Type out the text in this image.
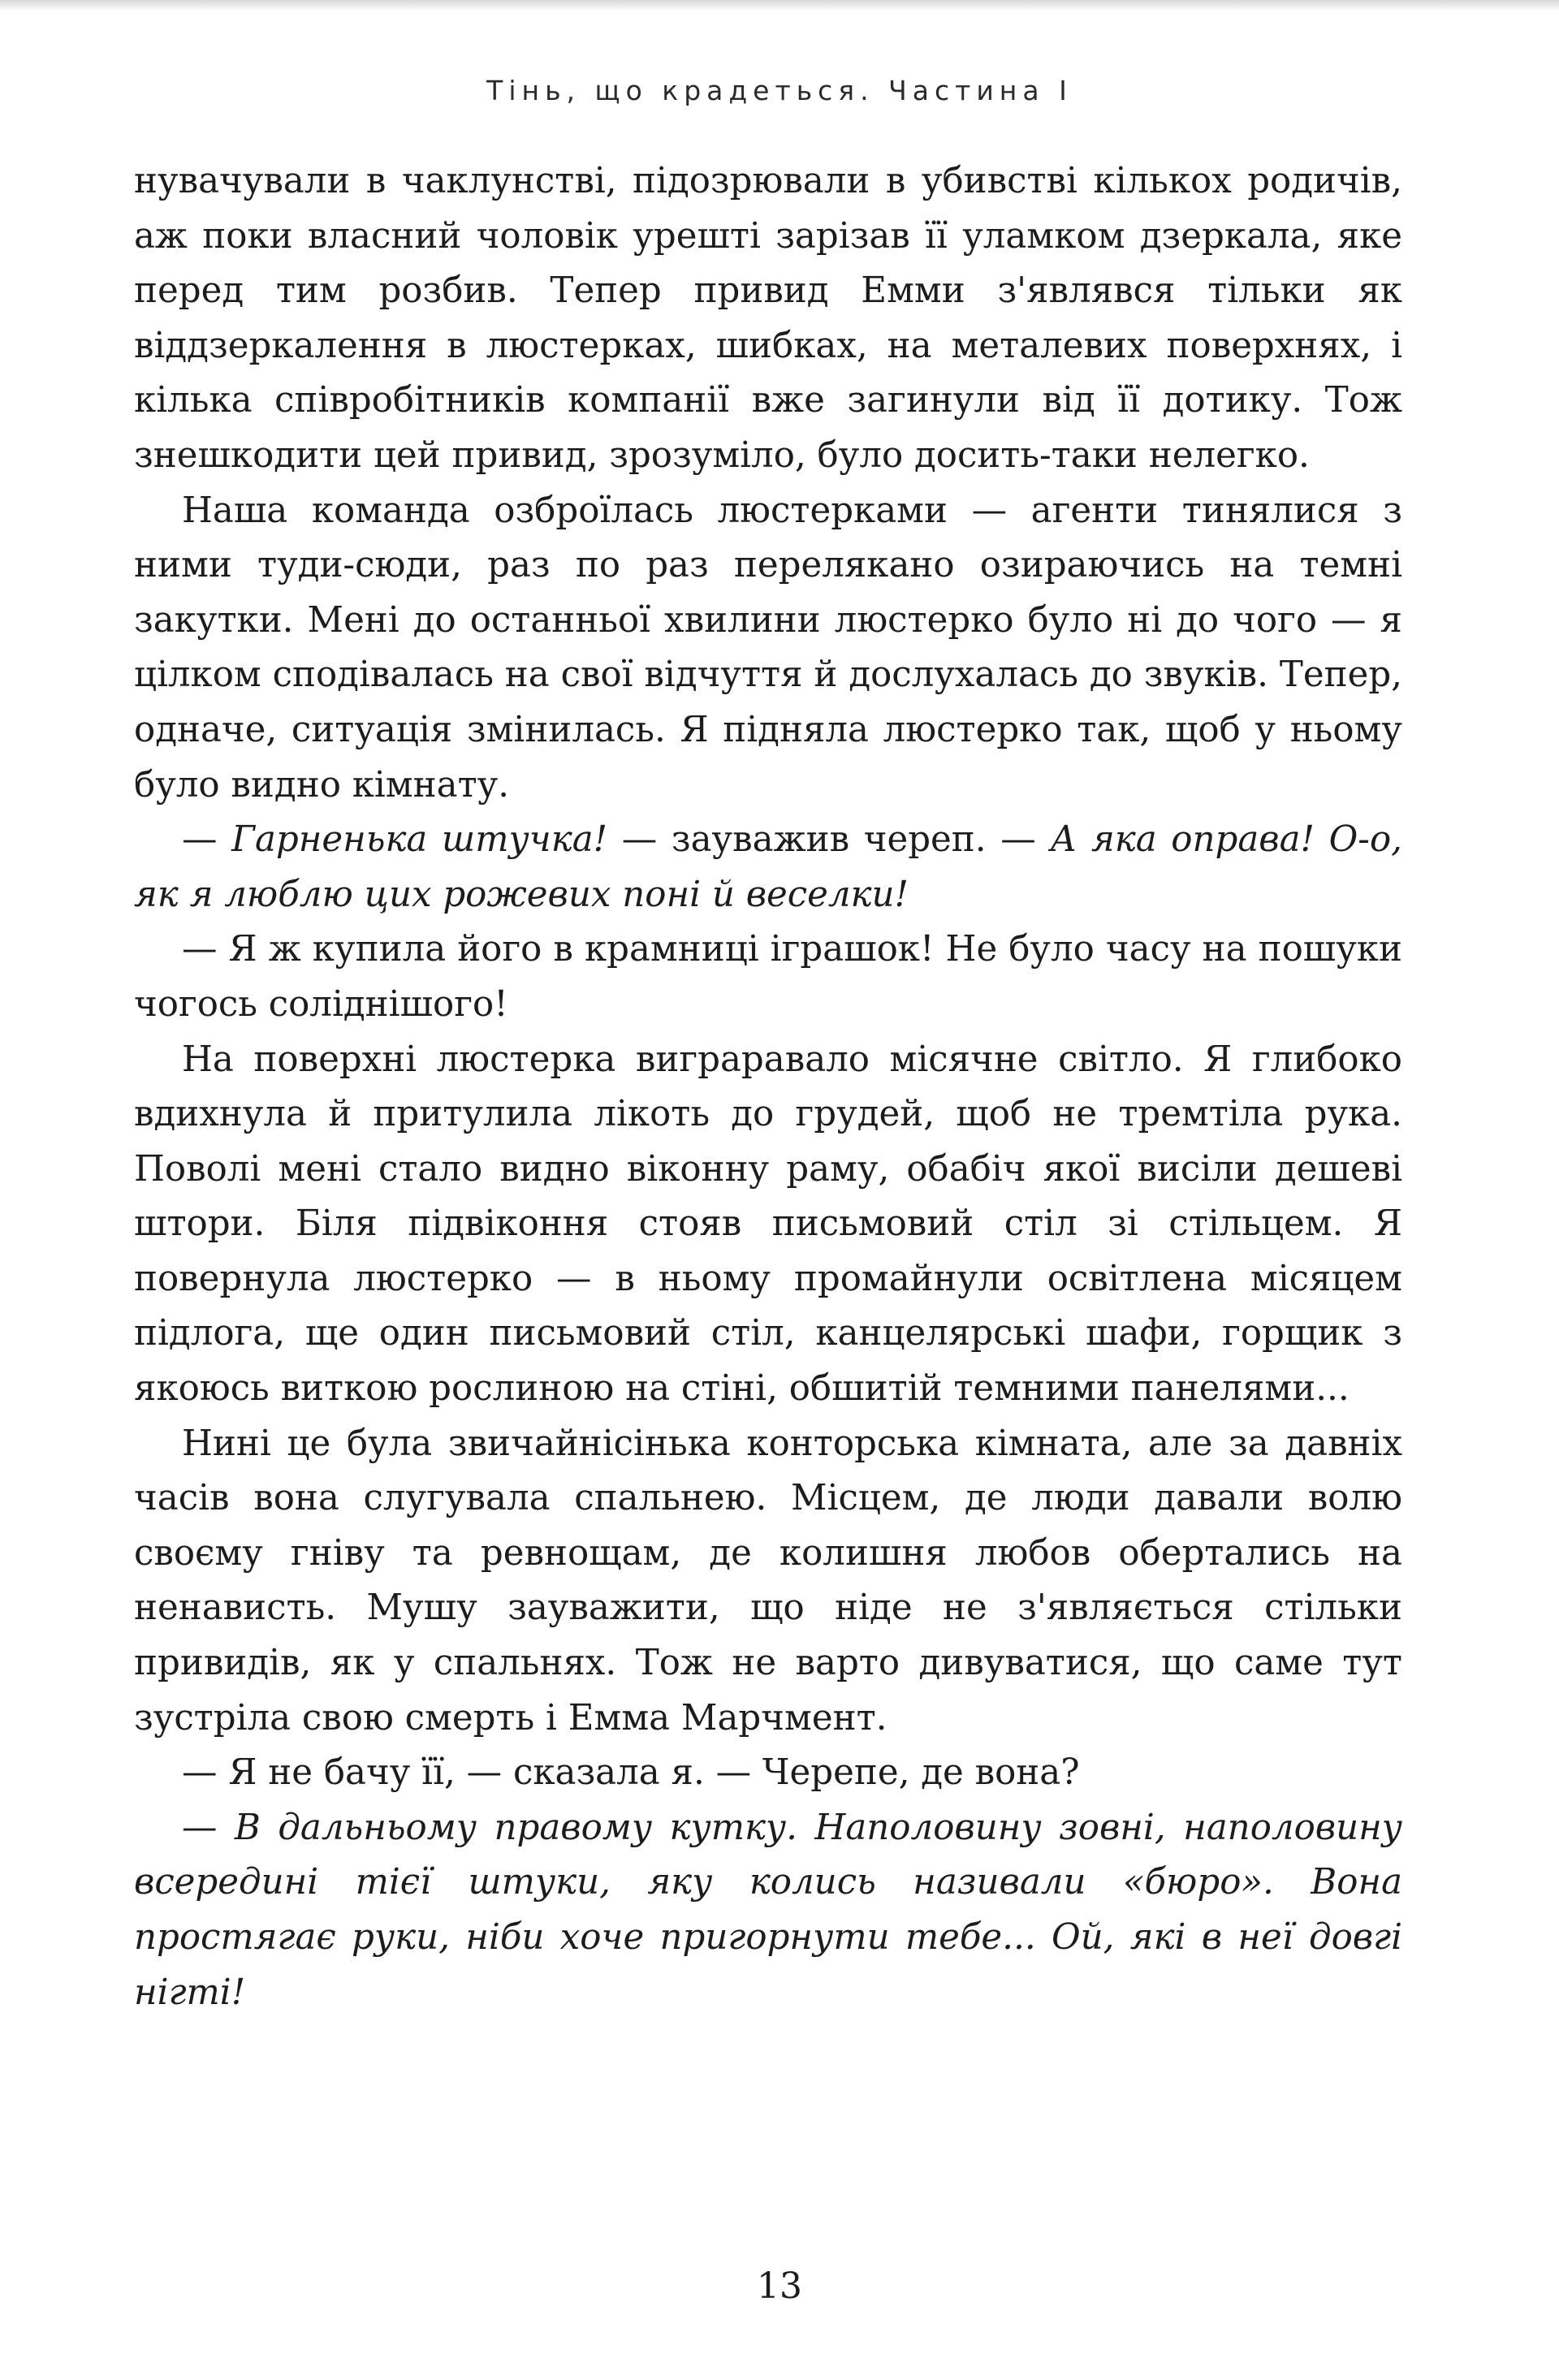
Тінь, що крадеться. Частина І

нувачували в чаклунстві, підозрювали в убивстві кількох родичів, аж поки власний чоловік урешті зарізав її уламком дзеркала, яке перед тим розбив. Тепер привид Емми з'являвся тільки як віддзеркалення в люстерках, шибках, на металевих поверхнях, і кілька співробітників компанії вже загинули від її дотику. Тож знешкодити цей привид, зрозуміло, було досить-таки нелегко.

Наша команда озброїлась люстерками — агенти тинялися з ними туди-сюди, раз по раз перелякано озираючись на темні закутки. Мені до останньої хвилини люстерко було ні до чого — я цілком сподівалась на свої відчуття й дослухалась до звуків. Тепер, одначе, ситуація змінилась. Я підняла люстерко так, щоб у ньому було видно кімнату.

— Гарненька штучка! — зауважив череп. — А яка оправа! О-о, як я люблю цих рожевих поні й веселки!

— Я ж купила його в крамниці іграшок! Не було часу на пошуки чогось соліднішого!

На поверхні люстерка виграравало місячне світло. Я глибоко вдихнула й притулила лікоть до грудей, щоб не тремтіла рука. Поволі мені стало видно віконну раму, обабіч якої висіли дешеві штори. Біля підвіконня стояв письмовий стіл зі стільцем. Я повернула люстерко — в ньому промайнули освітлена місяцем підлога, ще один письмовий стіл, канцелярські шафи, горщик з якоюсь виткою рослиною на стіні, обшитій темними панелями...

Нині це була звичайнісінька конторська кімната, але за давніх часів вона слугувала спальнею. Місцем, де люди давали волю своєму гніву та ревнощам, де колишня любов обертались на ненависть. Мушу зауважити, що ніде не з'являється стільки привидів, як у спальнях. Тож не варто дивуватися, що саме тут зустріла свою смерть і Емма Марчмент.

— Я не бачу її, — сказала я. — Черепе, де вона?

— В дальньому правому кутку. Наполовину зовні, наполовину всередині тієї штуки, яку колись називали «бюро». Вона простягає руки, ніби хоче пригорнути тебе... Ой, які в неї довгі нігті!

13
